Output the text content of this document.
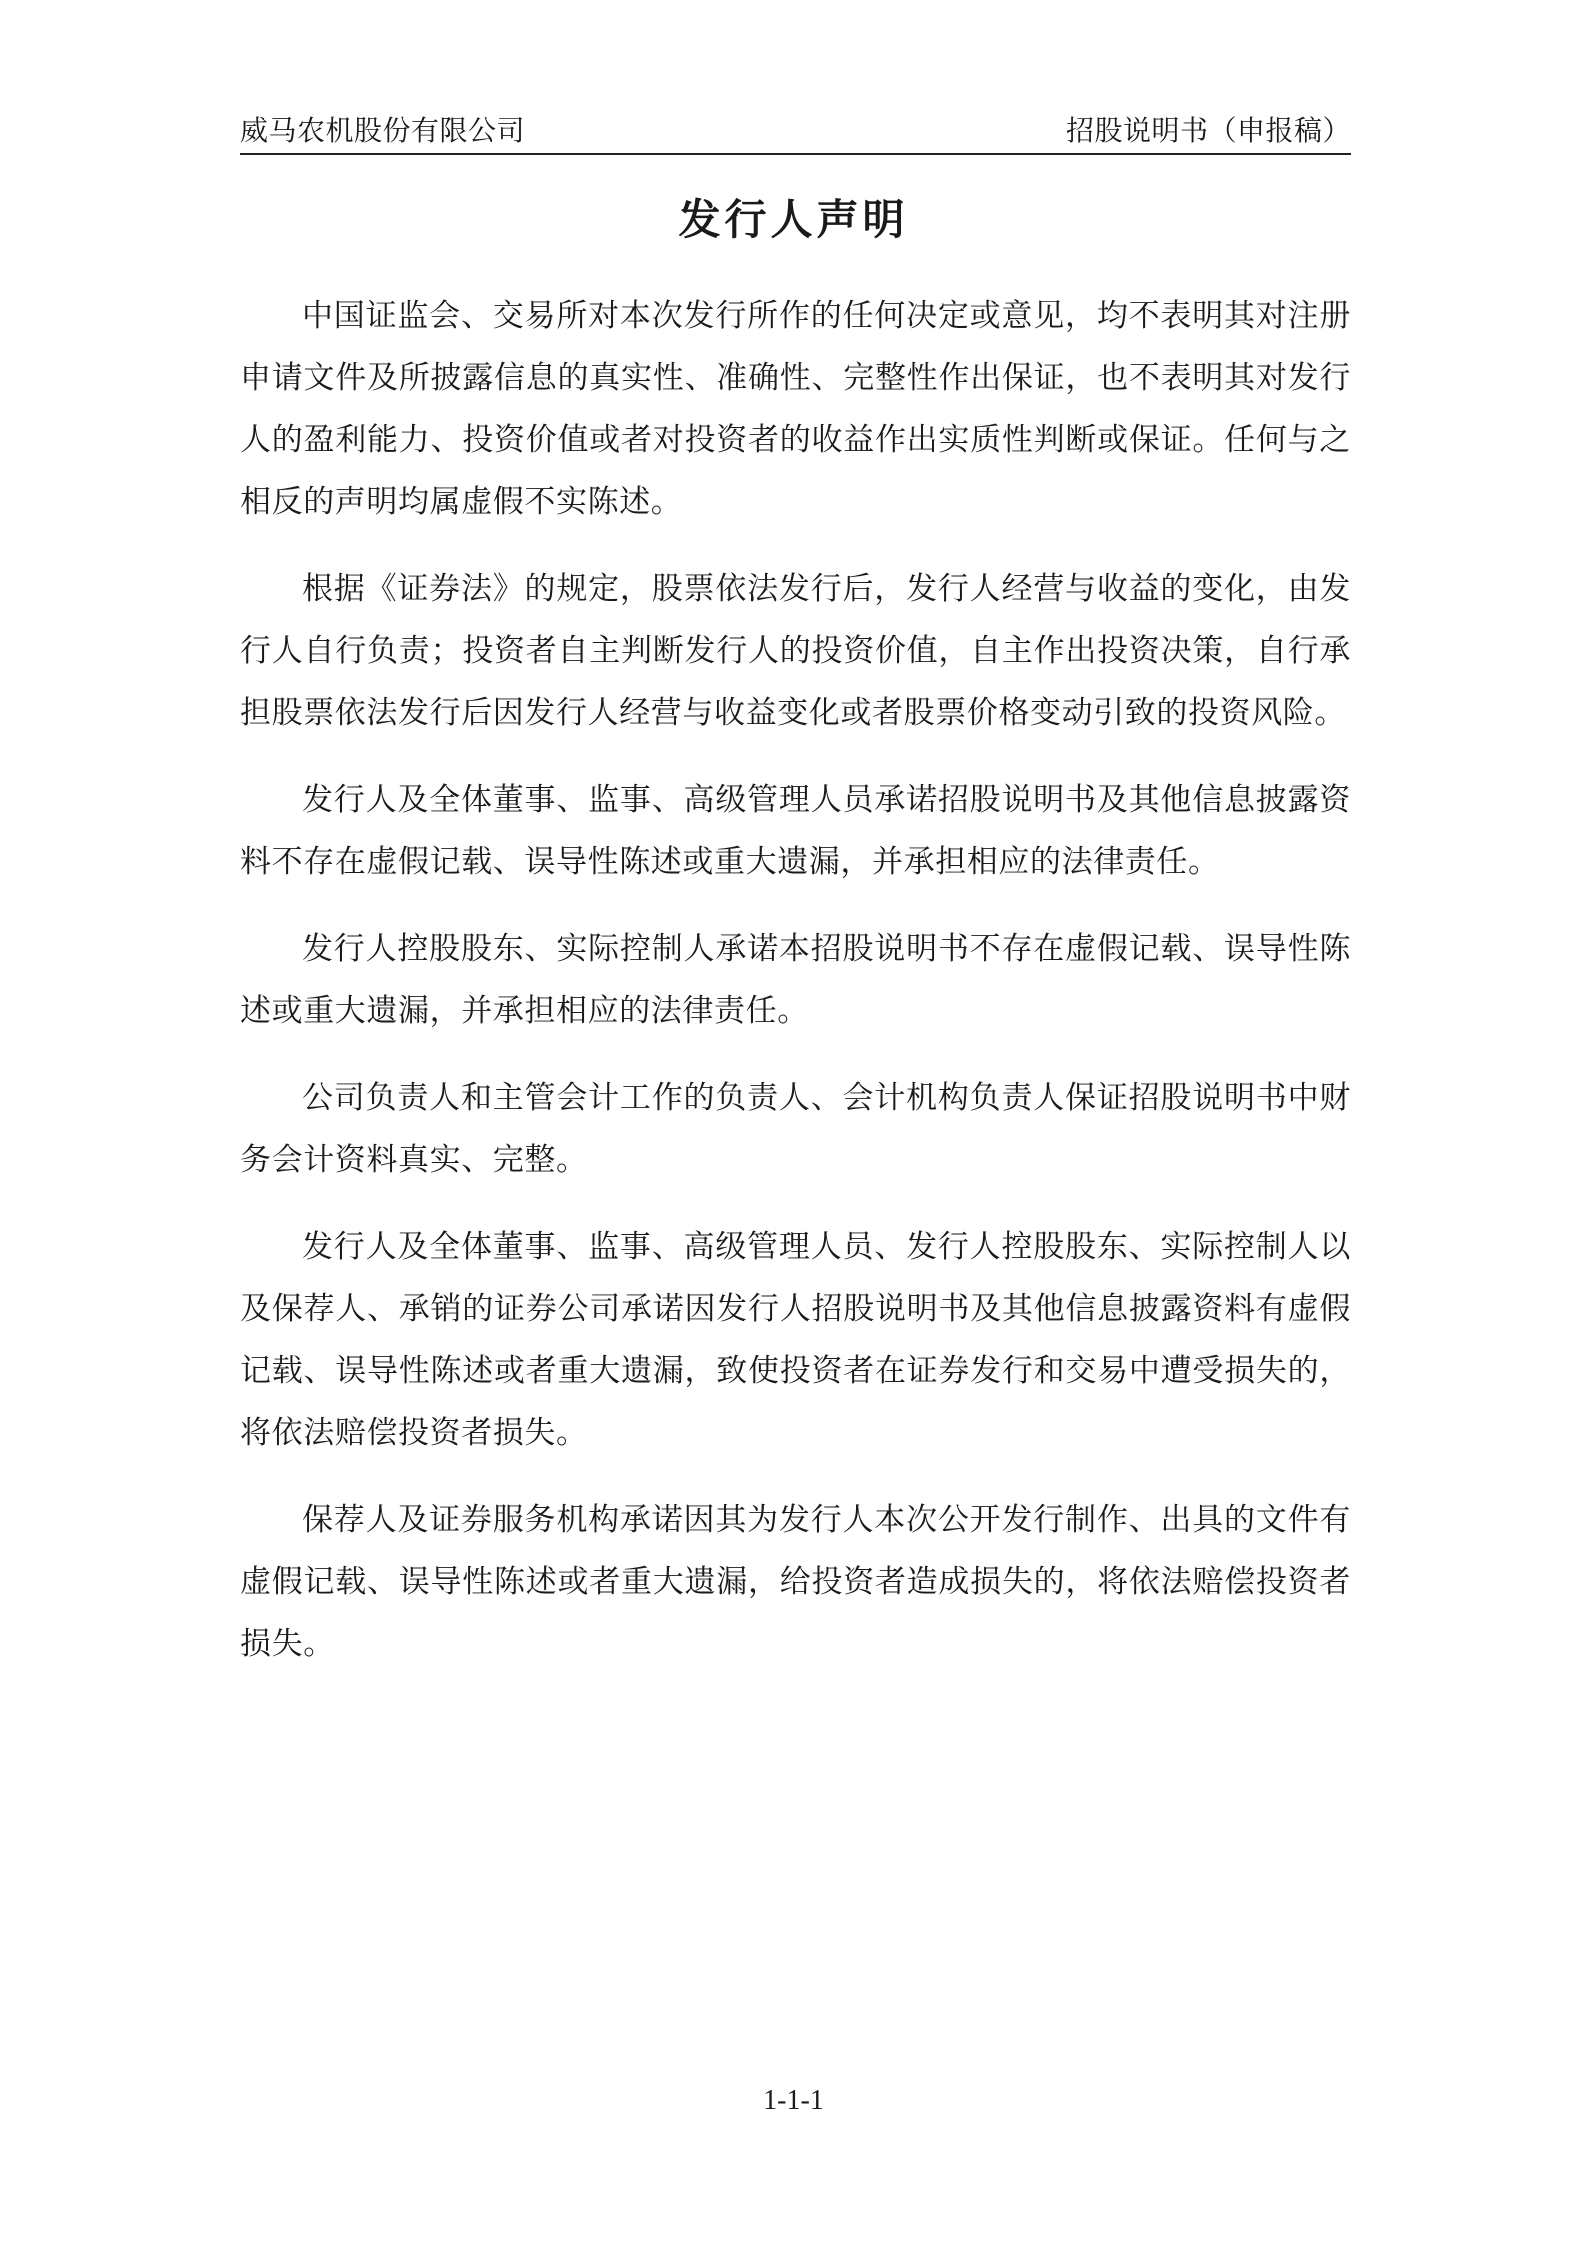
威马农机股份有限公司	招股说明书（申报稿）
发行人声明

中国证监会、交易所对本次发行所作的任何决定或意见，均不表明其对注册申请文件及所披露信息的真实性、准确性、完整性作出保证，也不表明其对发行人的盈利能力、投资价值或者对投资者的收益作出实质性判断或保证。任何与之相反的声明均属虚假不实陈述。

根据《证券法》的规定，股票依法发行后，发行人经营与收益的变化，由发行人自行负责；投资者自主判断发行人的投资价值，自主作出投资决策，自行承担股票依法发行后因发行人经营与收益变化或者股票价格变动引致的投资风险。

发行人及全体董事、监事、高级管理人员承诺招股说明书及其他信息披露资料不存在虚假记载、误导性陈述或重大遗漏，并承担相应的法律责任。

发行人控股股东、实际控制人承诺本招股说明书不存在虚假记载、误导性陈述或重大遗漏，并承担相应的法律责任。

公司负责人和主管会计工作的负责人、会计机构负责人保证招股说明书中财务会计资料真实、完整。

发行人及全体董事、监事、高级管理人员、发行人控股股东、实际控制人以及保荐人、承销的证券公司承诺因发行人招股说明书及其他信息披露资料有虚假记载、误导性陈述或者重大遗漏，致使投资者在证券发行和交易中遭受损失的，将依法赔偿投资者损失。

保荐人及证券服务机构承诺因其为发行人本次公开发行制作、出具的文件有虚假记载、误导性陈述或者重大遗漏，给投资者造成损失的，将依法赔偿投资者损失。

1-1-1
